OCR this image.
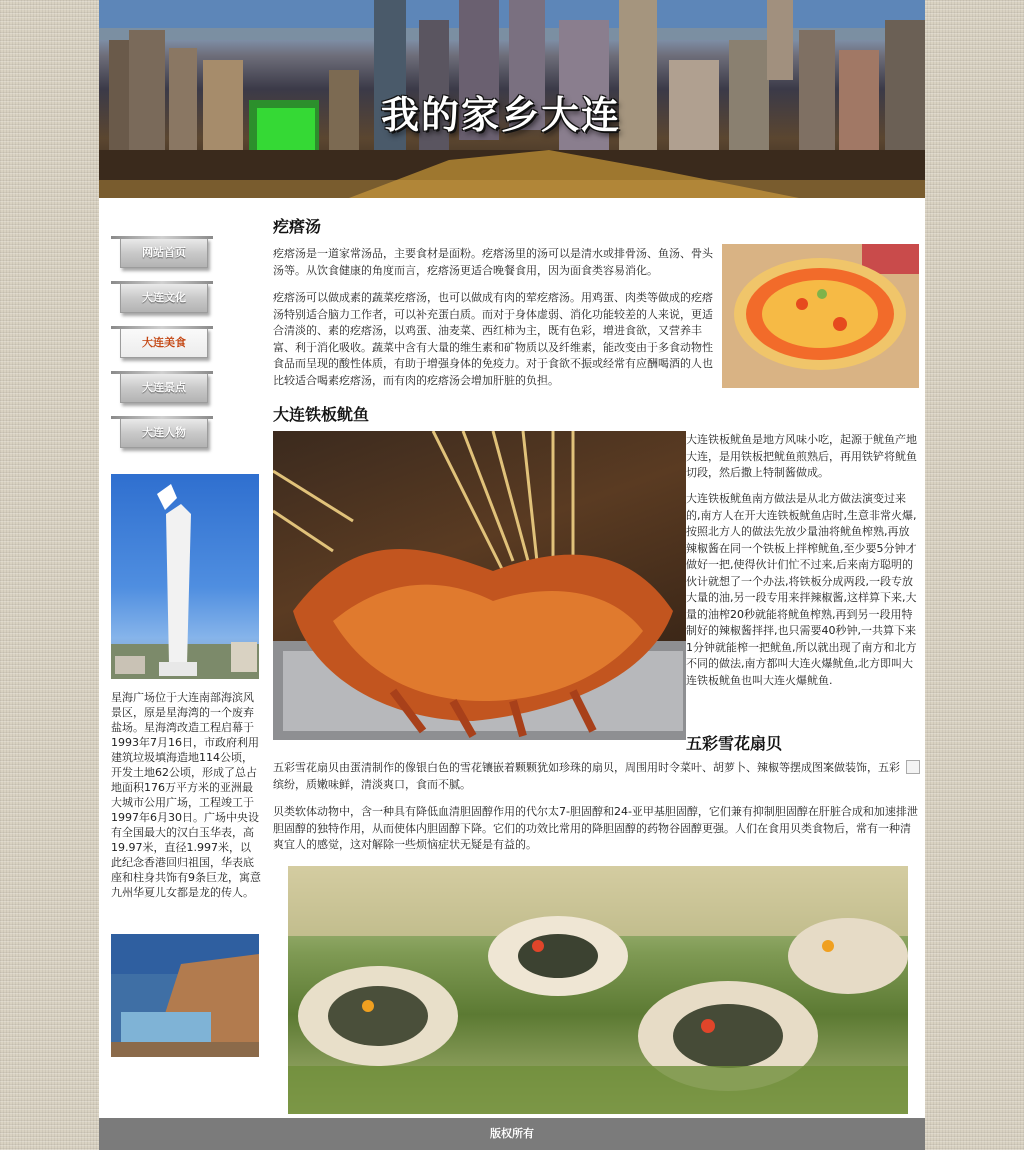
我的家乡大连
网站首页
大连文化
大连美食
大连景点
大连人物
星海广场位于大连南部海滨风景区，原是星海湾的一个废弃盐场。星海湾改造工程启幕于1993年7月16日，市政府利用建筑垃圾填海造地114公顷，开发土地62公顷，形成了总占地面积176万平方米的亚洲最大城市公用广场，工程竣工于1997年6月30日。广场中央设有全国最大的汉白玉华表，高19.97米，直径1.997米，以此纪念香港回归祖国，华表底座和柱身共饰有9条巨龙，寓意九州华夏儿女都是龙的传人。
疙瘩汤

疙瘩汤是一道家常汤品，主要食材是面粉。疙瘩汤里的汤可以是清水或排骨汤、鱼汤、骨头汤等。从饮食健康的角度而言，疙瘩汤更适合晚餐食用，因为面食类容易消化。

疙瘩汤可以做成素的蔬菜疙瘩汤，也可以做成有肉的荤疙瘩汤。用鸡蛋、肉类等做成的疙瘩汤特别适合脑力工作者，可以补充蛋白质。而对于身体虚弱、消化功能较差的人来说，更适合清淡的、素的疙瘩汤，以鸡蛋、油麦菜、西红柿为主，既有色彩，增进食欲，又营养丰富、利于消化吸收。蔬菜中含有大量的维生素和矿物质以及纤维素，能改变由于多食动物性食品而呈现的酸性体质，有助于增强身体的免疫力。对于食欲不振或经常有应酬喝酒的人也比较适合喝素疙瘩汤，而有肉的疙瘩汤会增加肝脏的负担。

大连铁板鱿鱼

大连铁板鱿鱼是地方风味小吃，起源于鱿鱼产地大连，是用铁板把鱿鱼煎熟后，再用铁铲将鱿鱼切段，然后撒上特制酱做成。

大连铁板鱿鱼南方做法是从北方做法演变过来的,南方人在开大连铁板鱿鱼店时,生意非常火爆,按照北方人的做法先放少量油将鱿鱼榨熟,再放辣椒酱在同一个铁板上拌榨鱿鱼,至少要5分钟才做好一把,使得伙计们忙不过来,后来南方聪明的伙计就想了一个办法,将铁板分成两段,一段专放大量的油,另一段专用来拌辣椒酱,这样算下来,大量的油榨20秒就能将鱿鱼榨熟,再到另一段用特制好的辣椒酱拌拌,也只需要40秒钟,一共算下来1分钟就能榨一把鱿鱼,所以就出现了南方和北方不同的做法,南方都叫大连火爆鱿鱼,北方即叫大连铁板鱿鱼也叫大连火爆鱿鱼.

五彩雪花扇贝

五彩雪花扇贝由蛋清制作的像银白色的雪花镶嵌着颗颗犹如珍珠的扇贝，周围用时令菜叶、胡萝卜、辣椒等摆成图案做装饰，五彩缤纷，质嫩味鲜，清淡爽口，食而不腻。

贝类软体动物中，含一种具有降低血清胆固醇作用的代尔太7-胆固醇和24-亚甲基胆固醇，它们兼有抑制胆固醇在肝脏合成和加速排泄胆固醇的独特作用，从而使体内胆固醇下降。它们的功效比常用的降胆固醇的药物谷固醇更强。人们在食用贝类食物后，常有一种清爽宜人的感觉，这对解除一些烦恼症状无疑是有益的。

版权所有
